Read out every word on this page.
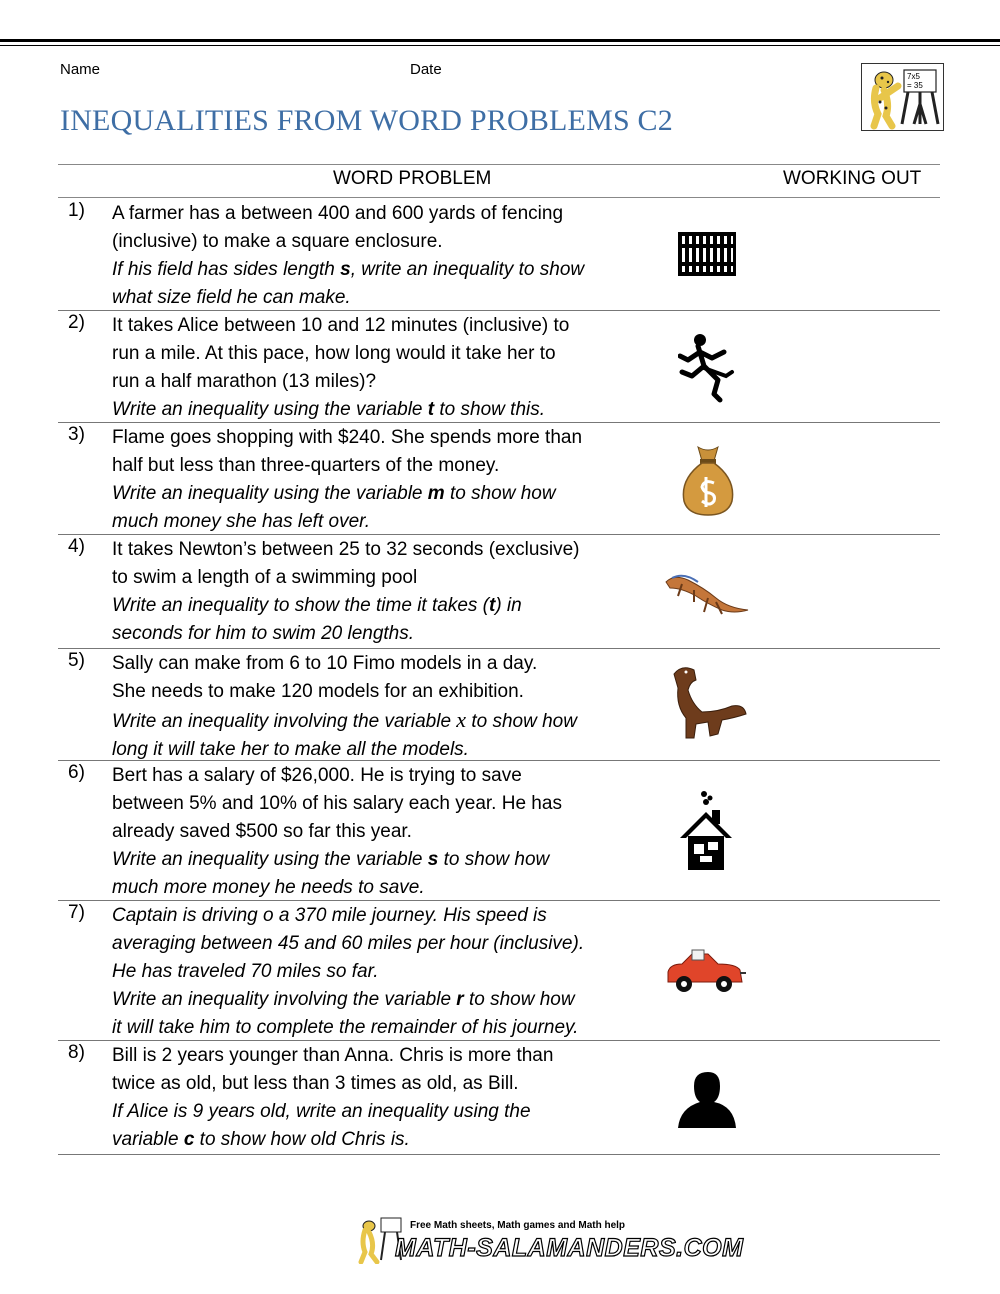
Name	Date
INEQUALITIES FROM WORD PROBLEMS C2
7x5
= 35
WORD PROBLEM	WORKING OUT
1) A farmer has a between 400 and 600 yards of fencing
(inclusive) to make a square enclosure.
If his field has sides length s, write an inequality to show
what size field he can make.
2) It takes Alice between 10 and 12 minutes (inclusive) to
run a mile. At this pace, how long would it take her to
run a half marathon (13 miles)?
Write an inequality using the variable t to show this.
3) Flame goes shopping with $240. She spends more than
half but less than three-quarters of the money.
Write an inequality using the variable m to show how
much money she has left over.
4) It takes Newton’s between 25 to 32 seconds (exclusive)
to swim a length of a swimming pool
Write an inequality to show the time it takes (t) in
seconds for him to swim 20 lengths.
5) Sally can make from 6 to 10 Fimo models in a day.
She needs to make 120 models for an exhibition.
Write an inequality involving the variable x to show how
long it will take her to make all the models.
6) Bert has a salary of $26,000. He is trying to save
between 5% and 10% of his salary each year. He has
already saved $500 so far this year.
Write an inequality using the variable s to show how
much more money he needs to save.
7) Captain is driving o a 370 mile journey. His speed is
averaging between 45 and 60 miles per hour (inclusive).
He has traveled 70 miles so far.
Write an inequality involving the variable r to show how
it will take him to complete the remainder of his journey.
8) Bill is 2 years younger than Anna. Chris is more than
twice as old, but less than 3 times as old, as Bill.
If Alice is 9 years old, write an inequality using the
variable c to show how old Chris is.
Free Math sheets, Math games and Math help
MATH-SALAMANDERS.COM
